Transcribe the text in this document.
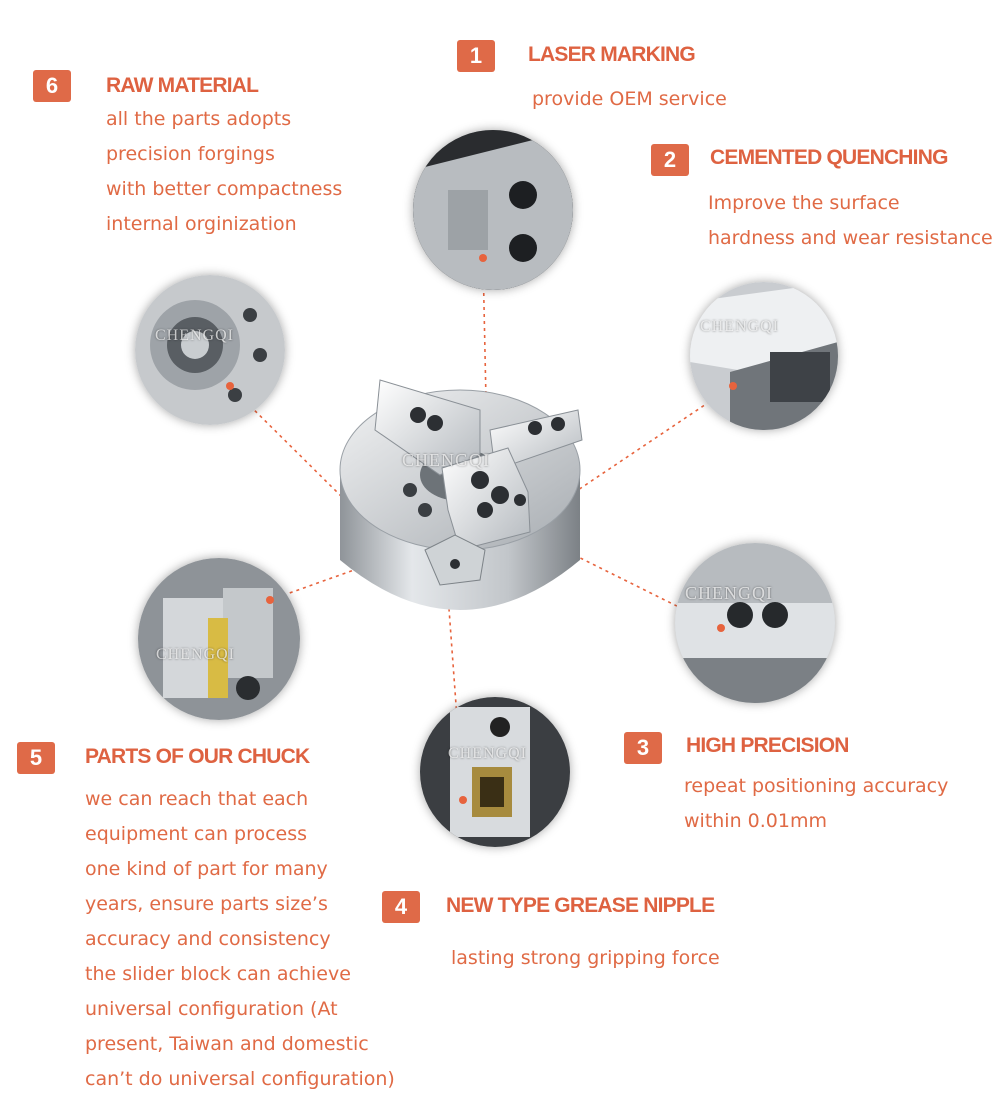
CHENGQI
CHENGQI
CHENGQI
CHENGQI
CHENGQI
CHENGQI
1	LASER MARKING
provide OEM service
2	CEMENTED QUENCHING
Improve the surface
hardness and wear resistance
3	HIGH PRECISION
repeat positioning accuracy
within 0.01mm
4	NEW TYPE GREASE NIPPLE
lasting strong gripping force
5	PARTS OF OUR CHUCK
we can reach that each
equipment can process
one kind of part for many
years, ensure parts size’s
accuracy and consistency
the slider block can achieve
universal configuration (At
present, Taiwan and domestic
can’t do universal configuration)
6	RAW MATERIAL
all the parts adopts
precision forgings
with better compactness
internal orginization
